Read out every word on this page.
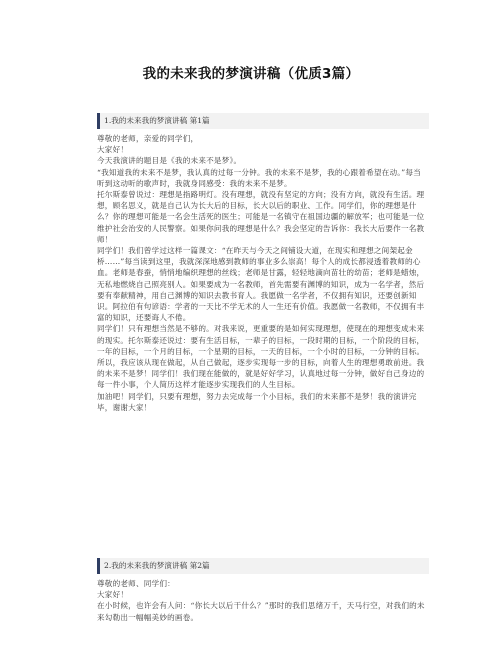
我的未来我的梦演讲稿（优质3篇）
1.我的未来我的梦演讲稿 第1篇

尊敬的老师，亲爱的同学们，

大家好！

今天我演讲的题目是《我的未来不是梦》。

“我知道我的未来不是梦，我认真的过每一分钟。我的未来不是梦，我的心跟着希望在动。”每当听到这动听的歌声时，我就身同感受：我的未来不是梦。

托尔斯泰曾说过：理想是指路明灯。没有理想，就没有坚定的方向；没有方向，就没有生活。理想，顾名思义，就是自己认为长大后的目标，长大以后的职业、工作。同学们，你的理想是什么？你的理想可能是一名会生活死的医生；可能是一名镇守在祖国边疆的解放军；也可能是一位维护社会治安的人民警察。如果你问我的理想是什么？我会坚定的告诉你：我长大后要作一名教师！

同学们！我们曾学过这样一篇课文：“在昨天与今天之间铺设大道，在现实和理想之间架起金桥……”每当读到这里，我就深深地感到教师的事业多么崇高！每个人的成长都浸透着教师的心血。老师是春蚕，悄悄地编织理想的丝线；老师是甘露，轻轻地滴向苗壮的幼苗；老师是蜡烛，无私地燃烧自己照亮别人。如果要成为一名教师，首先需要有渊博的知识，成为一名学者，然后要有奉献精神，用自己渊博的知识去教书育人。我愿做一名学者，不仅拥有知识，还要创新知识。阿拉伯有句谚语：学者的一天比不学无术的人一生还有价值。我愿做一名教师，不仅拥有丰富的知识，还要诲人不倦。

同学们！只有理想当然是不够的。对我来说，更重要的是如何实现理想，使现在的理想变成未来的现实。托尔斯泰还说过：要有生活目标，一辈子的目标，一段时期的目标，一个阶段的目标，一年的目标，一个月的目标，一个星期的目标，一天的目标，一个小时的目标，一分钟的目标。所以，我应该从现在做起，从自己做起，逐步实现每一步的目标，向着人生的理想勇敢前进。我的未来不是梦！同学们！我们现在能做的，就是好好学习，认真地过每一分钟，做好自己身边的每一件小事，个人简历这样才能逐步实现我们的人生目标。

加油吧！同学们，只要有理想，努力去完成每一个小目标，我们的未来都不是梦！我的演讲完毕，谢谢大家！

2.我的未来我的梦演讲稿 第2篇

尊敬的老师、同学们：

大家好！

在小时候，也许会有人问：“你长大以后干什么？”那时的我们思绪万千，天马行空，对我们的未来勾勒出一幅幅美妙的画卷。
